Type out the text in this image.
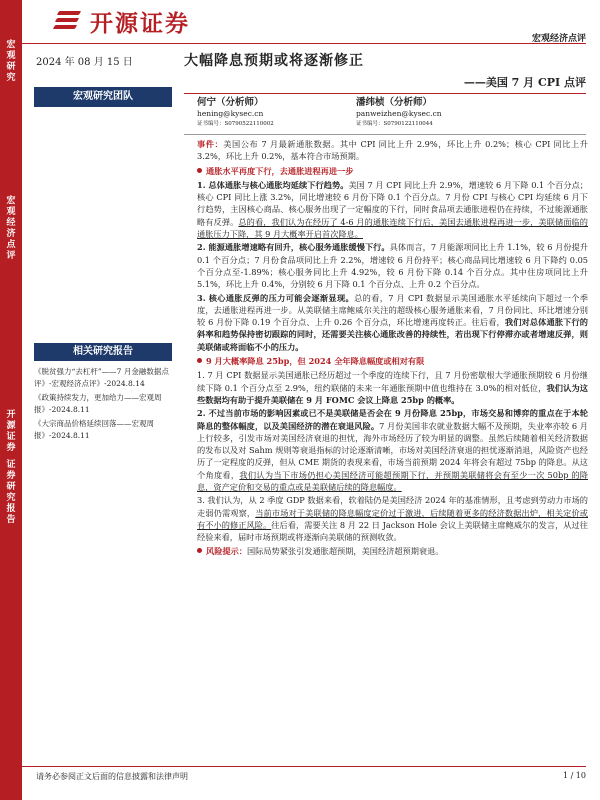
宏
观
研
究
宏
观
经
济
点
评
开
源
证
券
证
券
研
究
报
告
开源证券
宏观经济点评
2024 年 08 月 15 日	大幅降息预期或将逐渐修正
——美国 7 月 CPI 点评
宏观研究团队
何宁（分析师）
hening@kysec.cn
证书编号：S0790522110002
潘纬桢（分析师）
panweizhen@kysec.cn
证书编号：S0790122110044
相关研究报告
《脱贫强力“去杠杆”——7 月金融数据点评》-宏观经济点评》-2024.8.14
《政策持续发力，更加给力——宏观周报》-2024.8.11
《大宗商品价格延续回落——宏观周报》-2024.8.11

事件：美国公布 7 月最新通胀数据。其中 CPI 同比上升 2.9%，环比上升 0.2%；核心 CPI 同比上升 3.2%，环比上升 0.2%，基本符合市场预期。

通胀水平再度下行，去通胀进程再进一步

1. 总体通胀与核心通胀均延续下行趋势。美国 7 月 CPI 同比上升 2.9%，增速较 6 月下降 0.1 个百分点；核心 CPI 同比上涨 3.2%，同比增速较 6 月份下降 0.1 个百分点。7 月份 CPI 与核心 CPI 均延续 6 月下行趋势，主因核心商品、核心服务出现了一定幅度的下行，同时食品项去通胀进程仍在持续，不过能源通胀略有反弹。总的看，我们认为在经历了 4-6 月的通胀连续下行后，美国去通胀进程再进一步，美联储面临的通胀压力下降，其 9 月大概率开启首次降息。

2. 能源通胀增速略有回升，核心服务通胀缓慢下行。具体而言，7 月能源项同比上升 1.1%，较 6 月份提升 0.1 个百分点；7 月份食品项同比上升 2.2%，增速较 6 月份持平；核心商品同比增速较 6 月下降约 0.05 个百分点至-1.89%；核心服务同比上升 4.92%，较 6 月份下降 0.14 个百分点。其中住房项同比上升 5.1%，环比上升 0.4%，分别较 6 月下降 0.1 个百分点、上升 0.2 个百分点。

3. 核心通胀反弹的压力可能会逐渐显现。总的看，7 月 CPI 数据显示美国通胀水平延续向下超过一个季度，去通胀进程再进一步。从美联储主席鲍威尔关注的超级核心服务通胀来看，7 月份同比、环比增速分别较 6 月份下降 0.19 个百分点、上升 0.26 个百分点，环比增速再度转正。往后看，我们对总体通胀下行的斜率和趋势保持密切跟踪的同时，还需要关注核心通胀改善的持续性，若出现下行停滞亦或者增速反弹，则美联储或将面临不小的压力。

9 月大概率降息 25bp，但 2024 全年降息幅度或相对有限

1. 7 月 CPI 数据显示美国通胀已经历超过一个季度的连续下行，且 7 月份密歇根大学通胀预期较 6 月份继续下降 0.1 个百分点至 2.9%，纽约联储的未来一年通胀预期中值也维持在 3.0%的相对低位，我们认为这些数据均有助于提升美联储在 9 月 FOMC 会议上降息 25bp 的概率。

2. 不过当前市场的影响因素或已不是美联储是否会在 9 月份降息 25bp，市场交易和博弈的重点在于本轮降息的整体幅度，以及美国经济的潜在衰退风险。7 月份美国非农就业数据大幅不及预期，失业率亦较 6 月上行较多，引发市场对美国经济衰退的担忧，海外市场经历了较为明显的调整。虽然后续随着相关经济数据的发布以及对 Sahm 规则等衰退指标的讨论逐渐清晰，市场对美国经济衰退的担忧逐渐消退，风险资产也经历了一定程度的反弹，但从 CME 期货的表现来看，市场当前预期 2024 年将会有超过 75bp 的降息。从这个角度看，我们认为当下市场仍担心美国经济可能超预期下行，并预期美联储将会有至少一次 50bp 的降息，资产定价和交易的重点或是美联储后续的降息幅度。

3. 我们认为，从 2 季度 GDP 数据来看，软着陆仍是美国经济 2024 年的基准情形，且考虑到劳动力市场的走弱仍需观察，当前市场对于美联储的降息幅度定价过于激进，后续随着更多的经济数据出炉，相关定价或有不小的修正风险。往后看，需要关注 8 月 22 日 Jackson Hole 会议上美联储主席鲍威尔的发言，从过往经验来看，届时市场预期或将逐渐向美联储的预测收敛。

风险提示：国际局势紧张引发通胀超预期，美国经济超预期衰退。

请务必参阅正文后面的信息披露和法律声明	1 / 10
